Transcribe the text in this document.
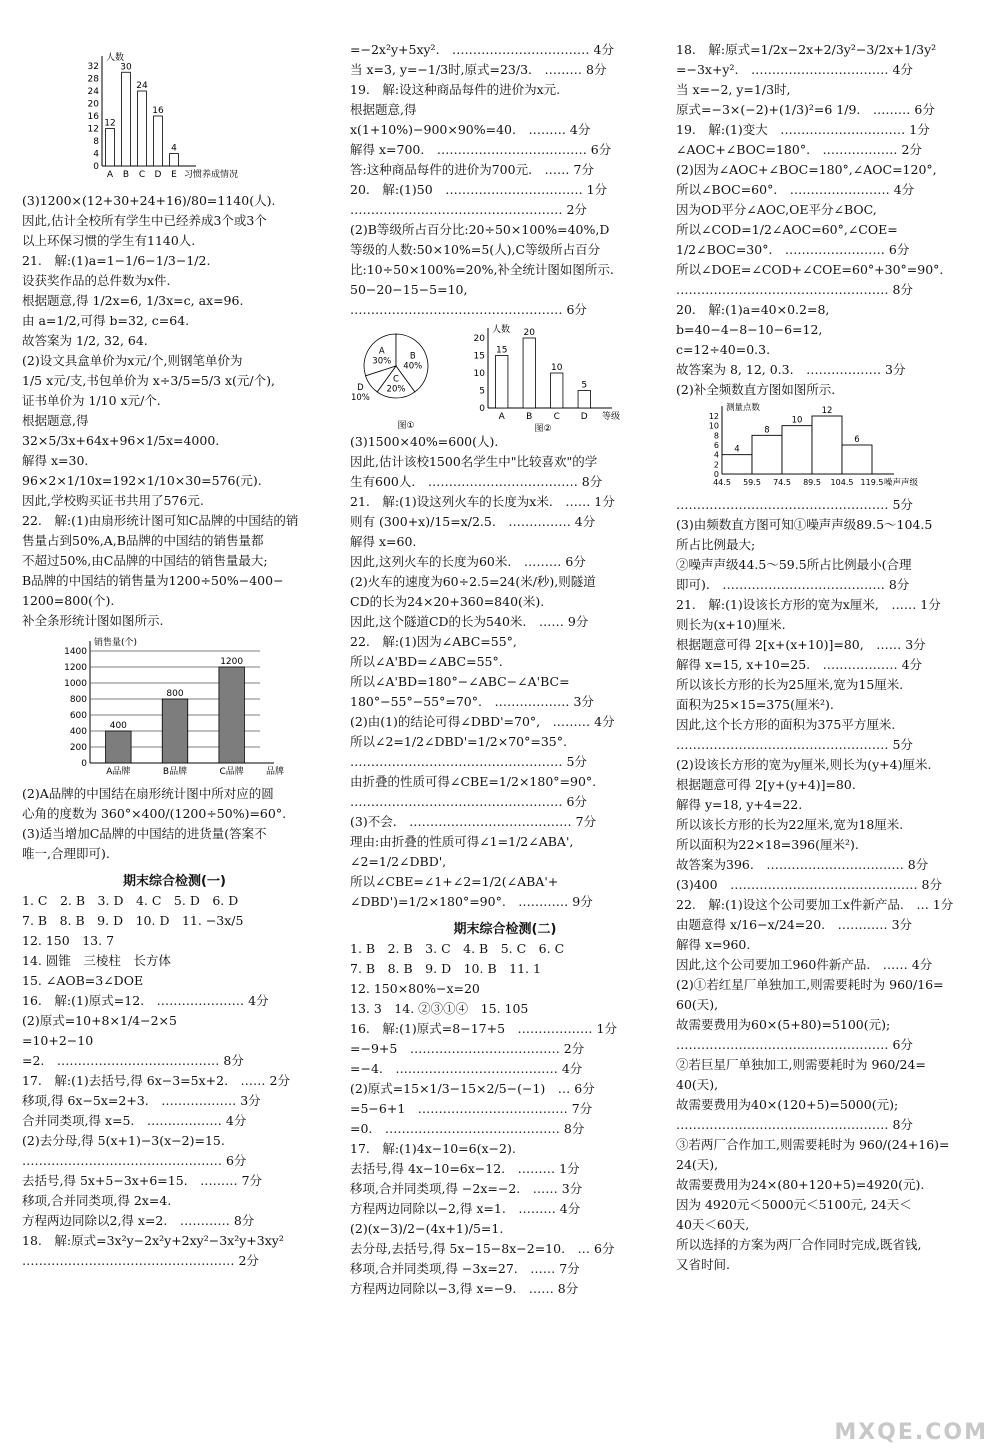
0
4
8
12
16
20
24
28
32
12
A
30
B
24
C
16
D
4
E
人数
习惯养成情况
(3)1200×(12+30+24+16)/80=1140(人).
因此,估计全校所有学生中已经养成3个或3个
以上环保习惯的学生有1140人.
21.　解:(1)a=1−1/6−1/3−1/2.
设获奖作品的总件数为x件.
根据题意,得 1/2x=6, 1/3x=c, ax=96.
由 a=1/2,可得 b=32, c=64.
故答案为 1/2, 32, 64.
(2)设文具盒单价为x元/个,则钢笔单价为
1/5 x元/支,书包单价为 x÷3/5=5/3 x(元/个),
证书单价为 1/10 x元/个.
根据题意,得
32×5/3x+64x+96×1/5x=4000.
解得 x=30.
96×2×1/10x=192×1/10×30=576(元).
因此,学校购买证书共用了576元.
22.　解:(1)由扇形统计图可知C品牌的中国结的销
售量占到50%,A,B品牌的中国结的销售量都
不超过50%,由C品牌的中国结的销售量最大;
B品牌的中国结的销售量为1200÷50%−400−
1200=800(个).
补全条形统计图如图所示.
0
200
400
600
800
1000
1200
1400
400
A品牌
800
B品牌
1200
C品牌
销售量(个)
品牌
(2)A品牌的中国结在扇形统计图中所对应的圆
心角的度数为 360°×400/(1200÷50%)=60°.
(3)适当增加C品牌的中国结的进货量(答案不
唯一,合理即可).
期末综合检测(一)
1. C　2. B　3. D　4. C　5. D　6. D
7. B　8. B　9. D　10. D　11. −3x/5
12. 150　13. 7
14. 圆锥　三棱柱　长方体
15. ∠AOB=3∠DOE
16.　解:(1)原式=12.　………………… 4分
(2)原式=10+8×1/4−2×5　
=10+2−10
=2.　………………………………… 8分
17.　解:(1)去括号,得 6x−3=5x+2.　…… 2分
移项,得 6x−5x=2+3.　……………… 3分
合并同类项,得 x=5.　……………… 4分
(2)去分母,得 5(x+1)−3(x−2)=15.
………………………………………… 6分
去括号,得 5x+5−3x+6=15.　……… 7分
移项,合并同类项,得 2x=4.
方程两边同除以2,得 x=2.　………… 8分
18.　解:原式=3x²y−2x²y+2xy²−3x²y+3xy²
…………………………………………… 2分
=−2x²y+5xy².　…………………………… 4分
当 x=3, y=−1/3时,原式=23/3.　……… 8分
19.　解:设这种商品每件的进价为x元.
根据题意,得
x(1+10%)−900×90%=40.　……… 4分
解得 x=700.　……………………………… 6分
答:这种商品每件的进价为700元.　…… 7分
20.　解:(1)50　…………………………… 1分
…………………………………………… 2分
(2)B等级所占百分比:20÷50×100%=40%,D
等级的人数:50×10%=5(人),C等级所占百分
比:10÷50×100%=20%,补全统计图如图所示.
50−20−15−5=10,
…………………………………………… 6分
A
30%
B
40%
C
20%
D
10%
图①
0
5
10
15
20
15
A
20
B
10
C
5
D
人数
等级
图②
(3)1500×40%=600(人).
因此,估计该校1500名学生中"比较喜欢"的学
生有600人.　……………………………… 8分
21.　解:(1)设这列火车的长度为x米.　…… 1分
则有 (300+x)/15=x/2.5.　…………… 4分
解得 x=60.
因此,这列火车的长度为60米.　……… 6分
(2)火车的速度为60÷2.5=24(米/秒),则隧道
CD的长为24×20+360=840(米).
因此,这个隧道CD的长为540米.　…… 9分
22.　解:(1)因为∠ABC=55°,
所以∠A'BD=∠ABC=55°.
所以∠A'BD=180°−∠ABC−∠A'BC=
180°−55°−55°=70°.　……………… 3分
(2)由(1)的结论可得∠DBD'=70°,　……… 4分
所以∠2=1/2∠DBD'=1/2×70°=35°.
…………………………………………… 5分
由折叠的性质可得∠CBE=1/2×180°=90°.
…………………………………………… 6分
(3)不会.　………………………………… 7分
理由:由折叠的性质可得∠1=1/2∠ABA',
∠2=1/2∠DBD',
所以∠CBE=∠1+∠2=1/2(∠ABA'+
∠DBD')=1/2×180°=90°.　………… 9分
期末综合检测(二)
1. B　2. B　3. C　4. B　5. C　6. C
7. B　8. B　9. D　10. B　11. 1
12. 150×80%−x=20
13. 3　14. ②③①④　15. 105
16.　解:(1)原式=8−17+5　……………… 1分
=−9+5　……………………………… 2分
=−4.　………………………………… 4分
(2)原式=15×1/3−15×2/5−(−1)　… 6分
=5−6+1　……………………………… 7分
=0.　…………………………………… 8分
17.　解:(1)4x−10=6(x−2).
去括号,得 4x−10=6x−12.　……… 1分
移项,合并同类项,得 −2x=−2.　…… 3分
方程两边同除以−2,得 x=1.　……… 4分
(2)(x−3)/2−(4x+1)/5=1.
去分母,去括号,得 5x−15−8x−2=10.　… 6分
移项,合并同类项,得 −3x=27.　…… 7分
方程两边同除以−3,得 x=−9.　…… 8分
18.　解:原式=1/2x−2x+2/3y²−3/2x+1/3y²
=−3x+y².　…………………………… 4分
当 x=−2, y=1/3时,
原式=−3×(−2)+(1/3)²=6 1/9.　……… 6分
19.　解:(1)变大　………………………… 1分
∠AOC+∠BOC=180°.　……………… 2分
(2)因为∠AOC+∠BOC=180°,∠AOC=120°,
所以∠BOC=60°.　…………………… 4分
因为OD平分∠AOC,OE平分∠BOC,
所以∠COD=1/2∠AOC=60°,∠COE=
1/2∠BOC=30°.　…………………… 6分
所以∠DOE=∠COD+∠COE=60°+30°=90°.
…………………………………………… 8分
20.　解:(1)a=40×0.2=8,
b=40−4−8−10−6=12,
c=12÷40=0.3.
故答案为 8, 12, 0.3.　……………… 3分
(2)补全频数直方图如图所示.
0
2
4
6
8
10
12
4
8
10
12
6
44.5 59.5 74.5 89.5 104.5 119.5
测量点数
噪声声级
…………………………………………… 5分
(3)由频数直方图可知①噪声声级89.5～104.5
所占比例最大;
②噪声声级44.5～59.5所占比例最小(合理
即可).　………………………………… 8分
21.　解:(1)设该长方形的宽为x厘米,　…… 1分
则长为(x+10)厘米.
根据题意可得 2[x+(x+10)]=80,　…… 3分
解得 x=15, x+10=25.　……………… 4分
所以该长方形的长为25厘米,宽为15厘米.
面积为25×15=375(厘米²).
因此,这个长方形的面积为375平方厘米.
…………………………………………… 5分
(2)设该长方形的宽为y厘米,则长为(y+4)厘米.
根据题意可得 2[y+(y+4)]=80.
解得 y=18, y+4=22.
所以该长方形的长为22厘米,宽为18厘米.
所以面积为22×18=396(厘米²).
故答案为396.　…………………………… 8分
(3)400　……………………………………… 8分
22.　解:(1)设这个公司要加工x件新产品.　… 1分
由题意得 x/16−x/24=20.　………… 3分
解得 x=960.
因此,这个公司要加工960件新产品.　…… 4分
(2)①若红星厂单独加工,则需要耗时为 960/16=
60(天),
故需要费用为60×(5+80)=5100(元);
…………………………………………… 6分
②若巨星厂单独加工,则需要耗时为 960/24=
40(天),
故需要费用为40×(120+5)=5000(元);
…………………………………………… 8分
③若两厂合作加工,则需要耗时为 960/(24+16)=
24(天),
故需要费用为24×(80+120+5)=4920(元).
因为 4920元＜5000元＜5100元, 24天＜
40天＜60天,
所以选择的方案为两厂合作同时完成,既省钱,
又省时间.
MXQE.COM
